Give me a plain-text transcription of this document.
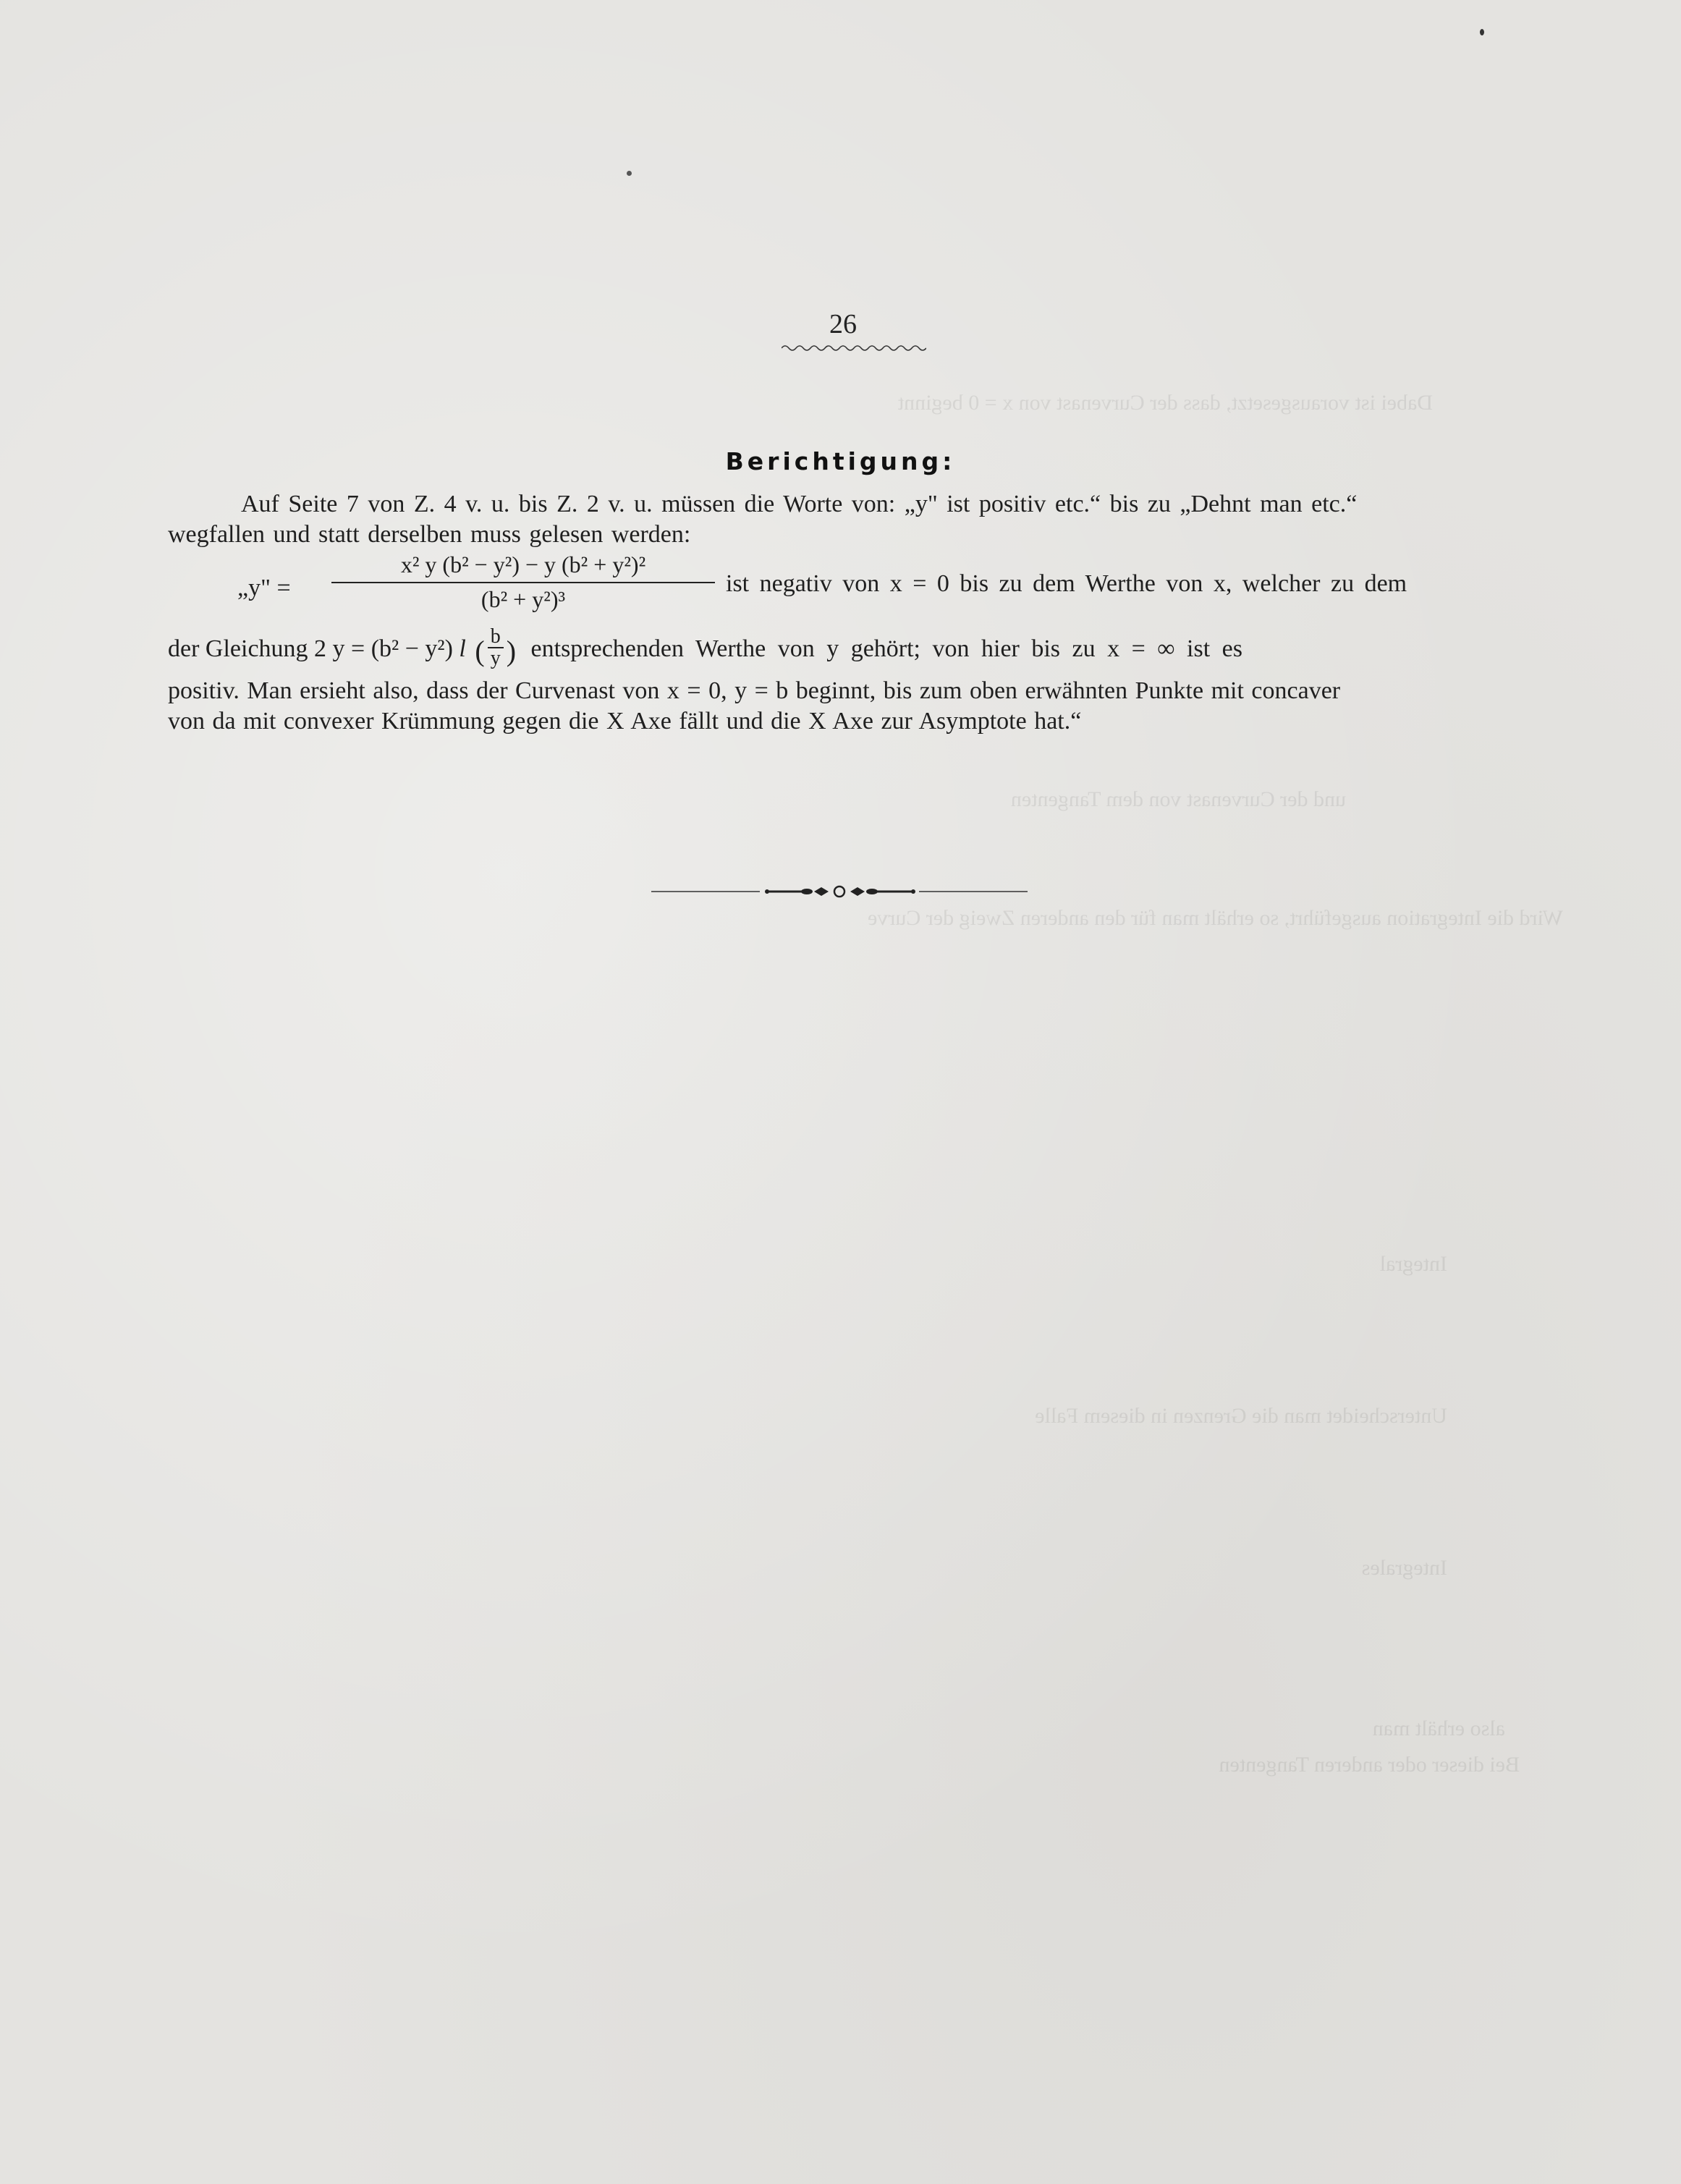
Dabei ist vorausgesetzt, dass der Curvenast von x = 0 beginnt
und der Curvenast von dem Tangenten
Wird die Integration ausgeführt, so erhält man für den anderen Zweig der Curve
Integral
Unterscheidet man die Grenzen in diesem Falle
Integrales
also erhält man
Bei dieser oder anderen Tangenten
26
Berichtigung:
Auf Seite 7 von Z. 4 v. u. bis Z. 2 v. u. müssen die Worte von: „y" ist positiv etc.“ bis zu „Dehnt man etc.“
wegfallen und statt derselben muss gelesen werden:
„y" =
x² y (b² − y²) − y (b² + y²)²
(b² + y²)³
ist negativ von x = 0 bis zu dem Werthe von x, welcher zu dem
der Gleichung 2 y = (b² − y²) l ( $\frac{b}{y}$ ) entsprechenden Werthe von y gehört; von hier bis zu x = ∞ ist es
positiv. Man ersieht also, dass der Curvenast von x = 0, y = b beginnt, bis zum oben erwähnten Punkte mit concaver
von da mit convexer Krümmung gegen die X Axe fällt und die X Axe zur Asymptote hat.“
